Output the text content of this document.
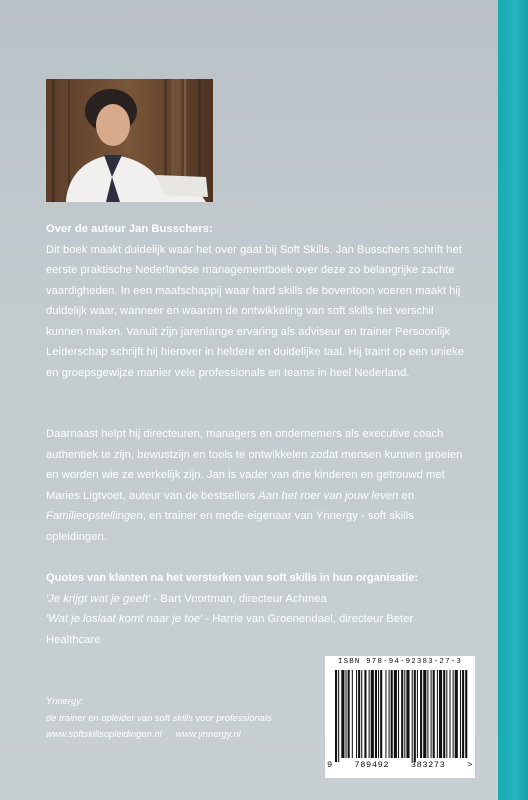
Over de auteur Jan Busschers:
Dit boek maakt duidelijk waar het over gaat bij Soft Skills. Jan Busschers schrift het eerste praktische Nederlandse managementboek over deze zo belangrijke zachte vaardigheden. In een maatschappij waar hard skills de boventoon voeren maakt hij duidelijk waar, wanneer en waarom de ontwikkeling van soft skills het verschil kunnen maken. Vanuit zijn jarenlange ervaring als adviseur en trainer Persoonlijk Leiderschap schrijft hij hierover in heldere en duidelijke taal. Hij traint op een unieke en groepsgewijze manier vele professionals en teams in heel Nederland.
Daarnaast helpt hij directeuren, managers en ondernemers als executive coach authentiek te zijn, bewustzijn en tools te ontwikkelen zodat mensen kunnen groeien en worden wie ze werkelijk zijn. Jan is vader van drie kinderen en getrouwd met Maries Ligtvoet, auteur van de bestsellers Aan het roer van jouw leven en Familieopstellingen, en trainer en mede-eigenaar van Ynnergy - soft skills opleidingen.
Quotes van klanten na het versterken van soft skills in hun organisatie:
'Je krijgt wat je geeft' - Bart Voortman, directeur Achmea
'Wat je loslaat komt naar je toe' - Harrie van Groenendael, directeur Beter Healthcare
Ynnergy:
de trainer en opleider van soft skills voor professionals
www.softskillsopleidingen.nl www.ynnergy.nl
ISBN 978-94-92383-27-3
9	789492	383273	>
